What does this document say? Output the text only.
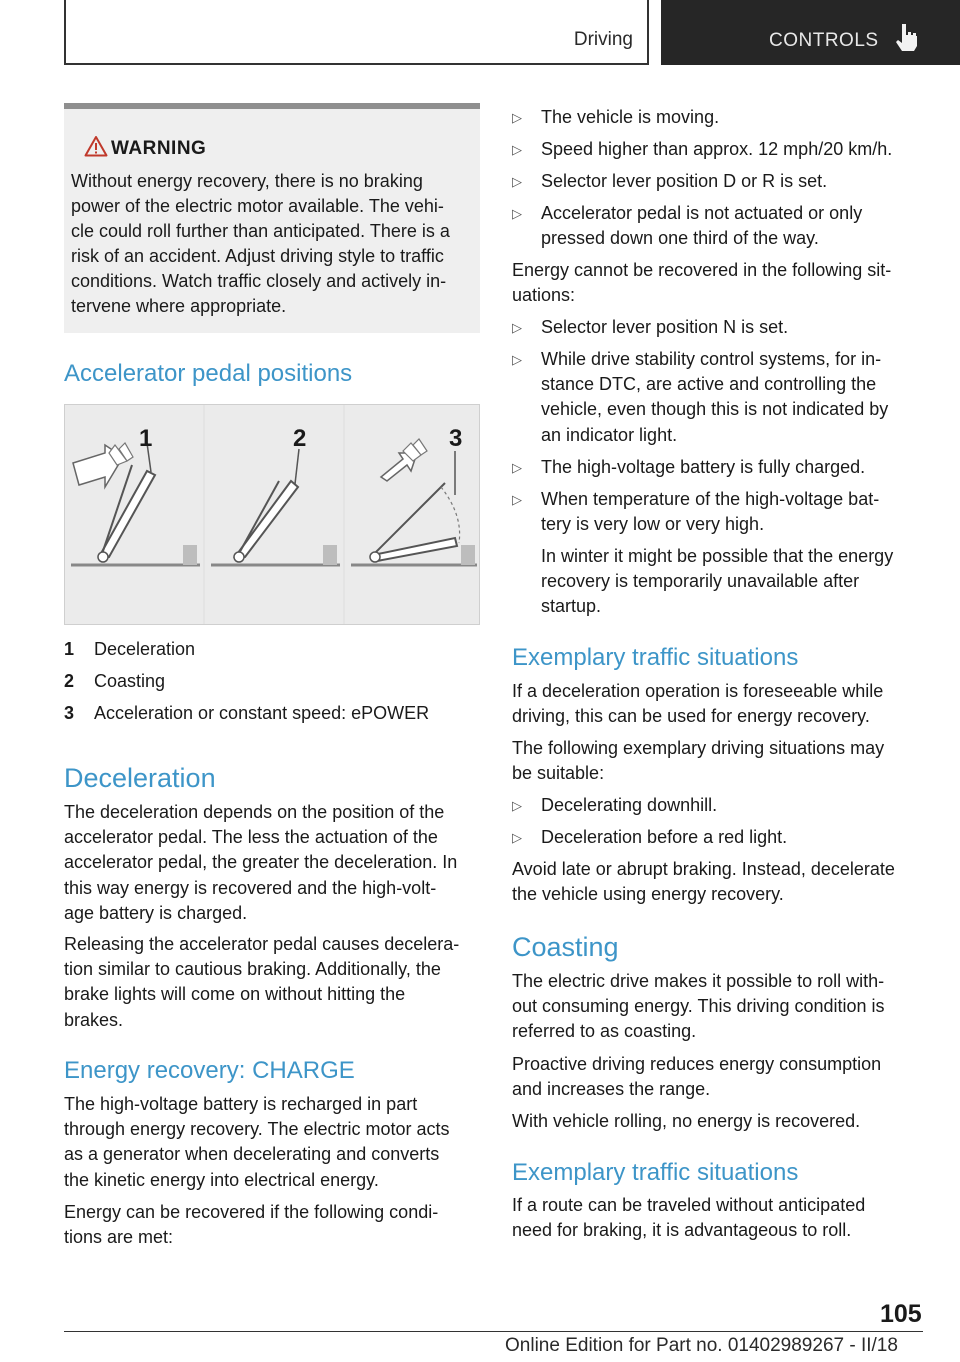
Driving	CONTROLS
WARNING
Without energy recovery, there is no braking
power of the electric motor available. The vehi-
cle could roll further than anticipated. There is a
risk of an accident. Adjust driving style to traffic
conditions. Watch traffic closely and actively in-
tervene where appropriate.
Accelerator pedal positions
1	2	3
1 Deceleration
2 Coasting
3 Acceleration or constant speed: ePOWER
Deceleration
The deceleration depends on the position of the
accelerator pedal. The less the actuation of the
accelerator pedal, the greater the deceleration. In
this way energy is recovered and the high-volt-
age battery is charged.
Releasing the accelerator pedal causes decelera-
tion similar to cautious braking. Additionally, the
brake lights will come on without hitting the
brakes.
Energy recovery: CHARGE
The high-voltage battery is recharged in part
through energy recovery. The electric motor acts
as a generator when decelerating and converts
the kinetic energy into electrical energy.
Energy can be recovered if the following condi-
tions are met:
▷ The vehicle is moving.
▷ Speed higher than approx. 12 mph/20 km/h.
▷ Selector lever position D or R is set.
▷ Accelerator pedal is not actuated or only
pressed down one third of the way.
Energy cannot be recovered in the following sit-
uations:
▷ Selector lever position N is set.
▷ While drive stability control systems, for in-
stance DTC, are active and controlling the
vehicle, even though this is not indicated by
an indicator light.
▷ The high-voltage battery is fully charged.
▷ When temperature of the high-voltage bat-
tery is very low or very high.
In winter it might be possible that the energy
recovery is temporarily unavailable after
startup.
Exemplary traffic situations
If a deceleration operation is foreseeable while
driving, this can be used for energy recovery.
The following exemplary driving situations may
be suitable:
▷ Decelerating downhill.
▷ Deceleration before a red light.
Avoid late or abrupt braking. Instead, decelerate
the vehicle using energy recovery.
Coasting
The electric drive makes it possible to roll with-
out consuming energy. This driving condition is
referred to as coasting.
Proactive driving reduces energy consumption
and increases the range.
With vehicle rolling, no energy is recovered.
Exemplary traffic situations
If a route can be traveled without anticipated
need for braking, it is advantageous to roll.
105
Online Edition for Part no. 01402989267 - II/18
